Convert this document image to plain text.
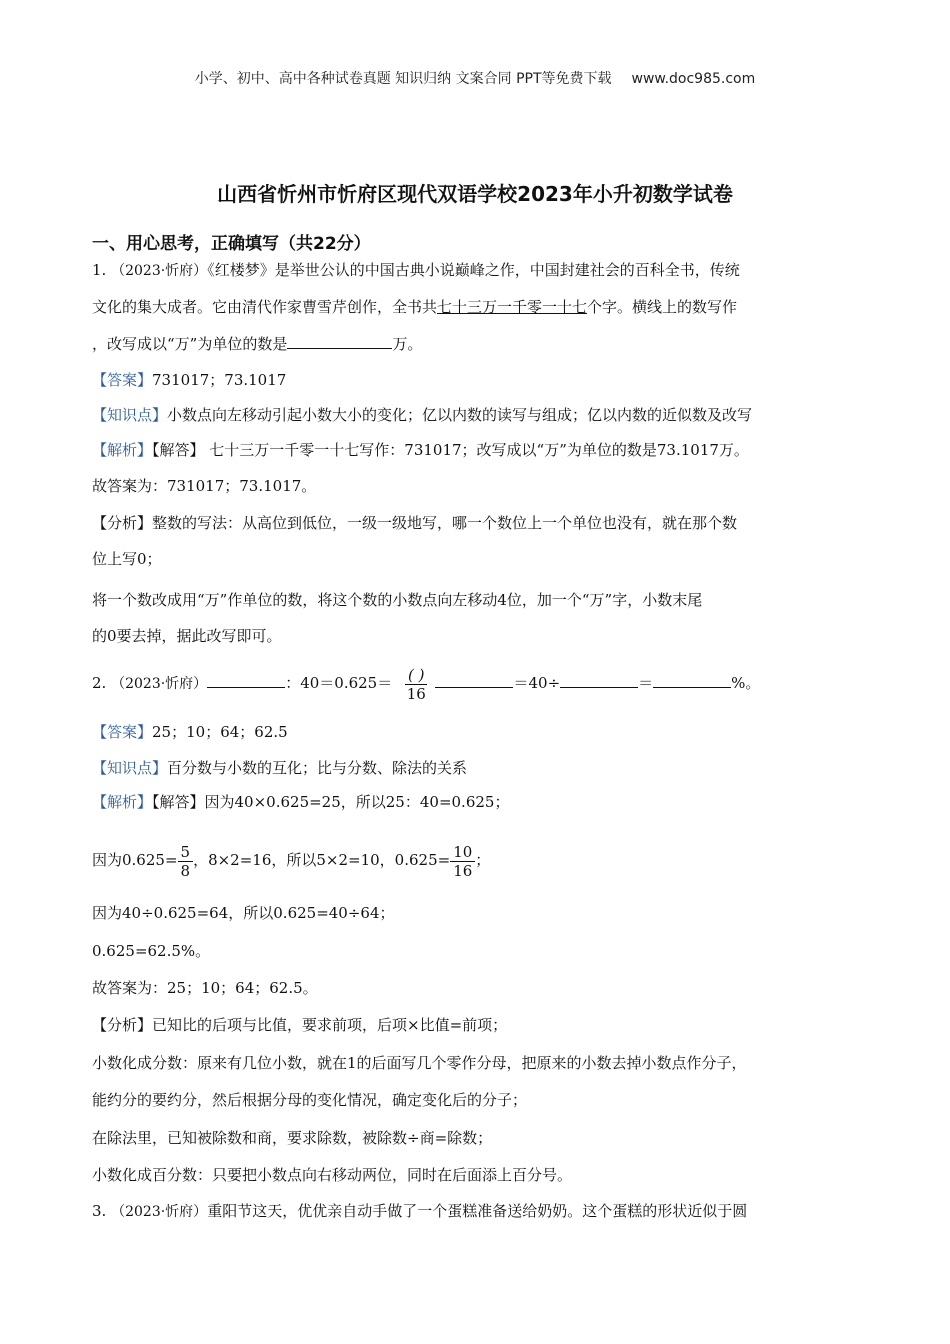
小学、初中、高中各种试卷真题 知识归纳 文案合同 PPT等免费下载 www.doc985.com
山西省忻州市忻府区现代双语学校2023年小升初数学试卷
一、用心思考，正确填写（共22分）
1. （2023·忻府）《红楼梦》是举世公认的中国古典小说巅峰之作，中国封建社会的百科全书，传统
文化的集大成者。它由清代作家曹雪芹创作，全书共七十三万一千零一十七个字。横线上的数写作
，改写成以“万”为单位的数是	万。
【答案】731017；73.1017
【知识点】小数点向左移动引起小数大小的变化；亿以内数的读写与组成；亿以内数的近似数及改写
【解析】【解答】 七十三万一千零一十七写作：731017；改写成以“万”为单位的数是73.1017万。
故答案为：731017；73.1017。
【分析】整数的写法：从高位到低位，一级一级地写，哪一个数位上一个单位也没有，就在那个数
位上写0；
将一个数改成用“万”作单位的数，将这个数的小数点向左移动4位，加一个“万”字，小数末尾
的0要去掉，据此改写即可。
2. （2023·忻府）	：$40=0.625= \frac{( )}{16}$	＝40÷	＝	%。
【答案】25；10；64；62.5
【知识点】百分数与小数的互化；比与分数、除法的关系
【解析】【解答】因为40×0.625=25，所以25：40=0.625；
因为$0.625= \frac{5}{8}$ ，8×2=16，所以5×2=10，$0.625= \frac{10}{16}$ ；
因为40÷0.625=64，所以0.625=40÷64；
0.625=62.5%。
故答案为：25；10；64；62.5。
【分析】已知比的后项与比值，要求前项，后项×比值=前项；
小数化成分数：原来有几位小数，就在1的后面写几个零作分母，把原来的小数去掉小数点作分子，
能约分的要约分，然后根据分母的变化情况，确定变化后的分子；
在除法里，已知被除数和商，要求除数，被除数÷商=除数；
小数化成百分数：只要把小数点向右移动两位，同时在后面添上百分号。
3. （2023·忻府）重阳节这天，优优亲自动手做了一个蛋糕准备送给奶奶。这个蛋糕的形状近似于圆
